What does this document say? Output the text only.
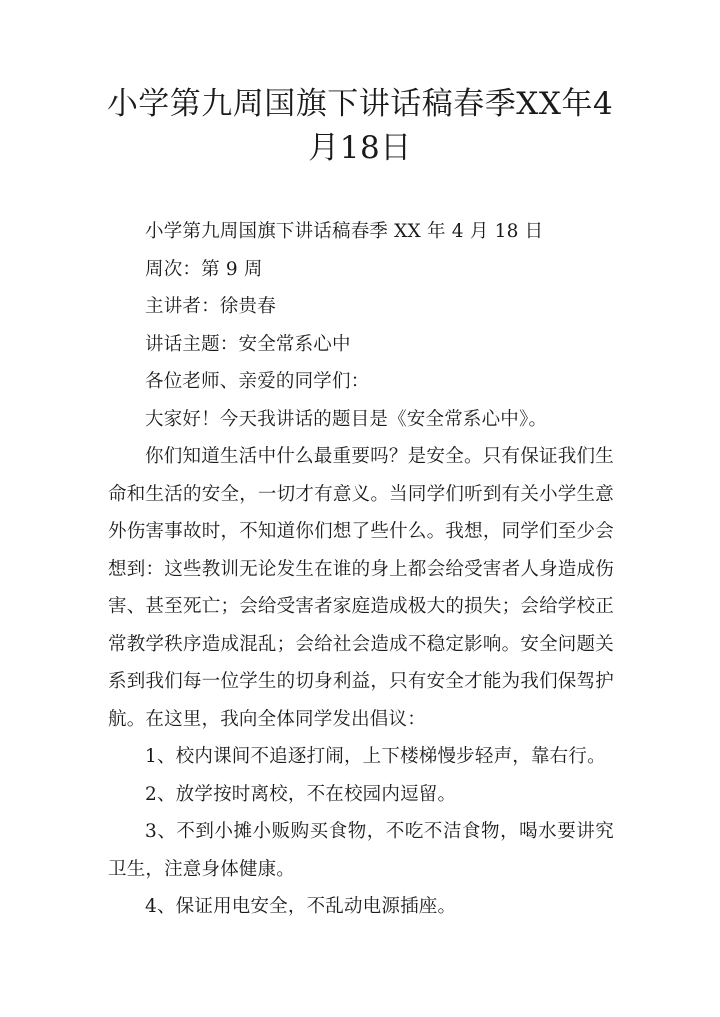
小学第九周国旗下讲话稿春季XX年4月18日

小学第九周国旗下讲话稿春季 XX 年 4 月 18 日

周次：第 9 周

主讲者：徐贵春

讲话主题：安全常系心中

各位老师、亲爱的同学们：

大家好！今天我讲话的题目是《安全常系心中》。

你们知道生活中什么最重要吗？是安全。只有保证我们生命和生活的安全，一切才有意义。当同学们听到有关小学生意外伤害事故时，不知道你们想了些什么。我想，同学们至少会想到：这些教训无论发生在谁的身上都会给受害者人身造成伤害、甚至死亡；会给受害者家庭造成极大的损失；会给学校正常教学秩序造成混乱；会给社会造成不稳定影响。安全问题关系到我们每一位学生的切身利益，只有安全才能为我们保驾护航。在这里，我向全体同学发出倡议：

1、校内课间不追逐打闹，上下楼梯慢步轻声，靠右行。

2、放学按时离校，不在校园内逗留。

3、不到小摊小贩购买食物，不吃不洁食物，喝水要讲究卫生，注意身体健康。

4、保证用电安全，不乱动电源插座。
